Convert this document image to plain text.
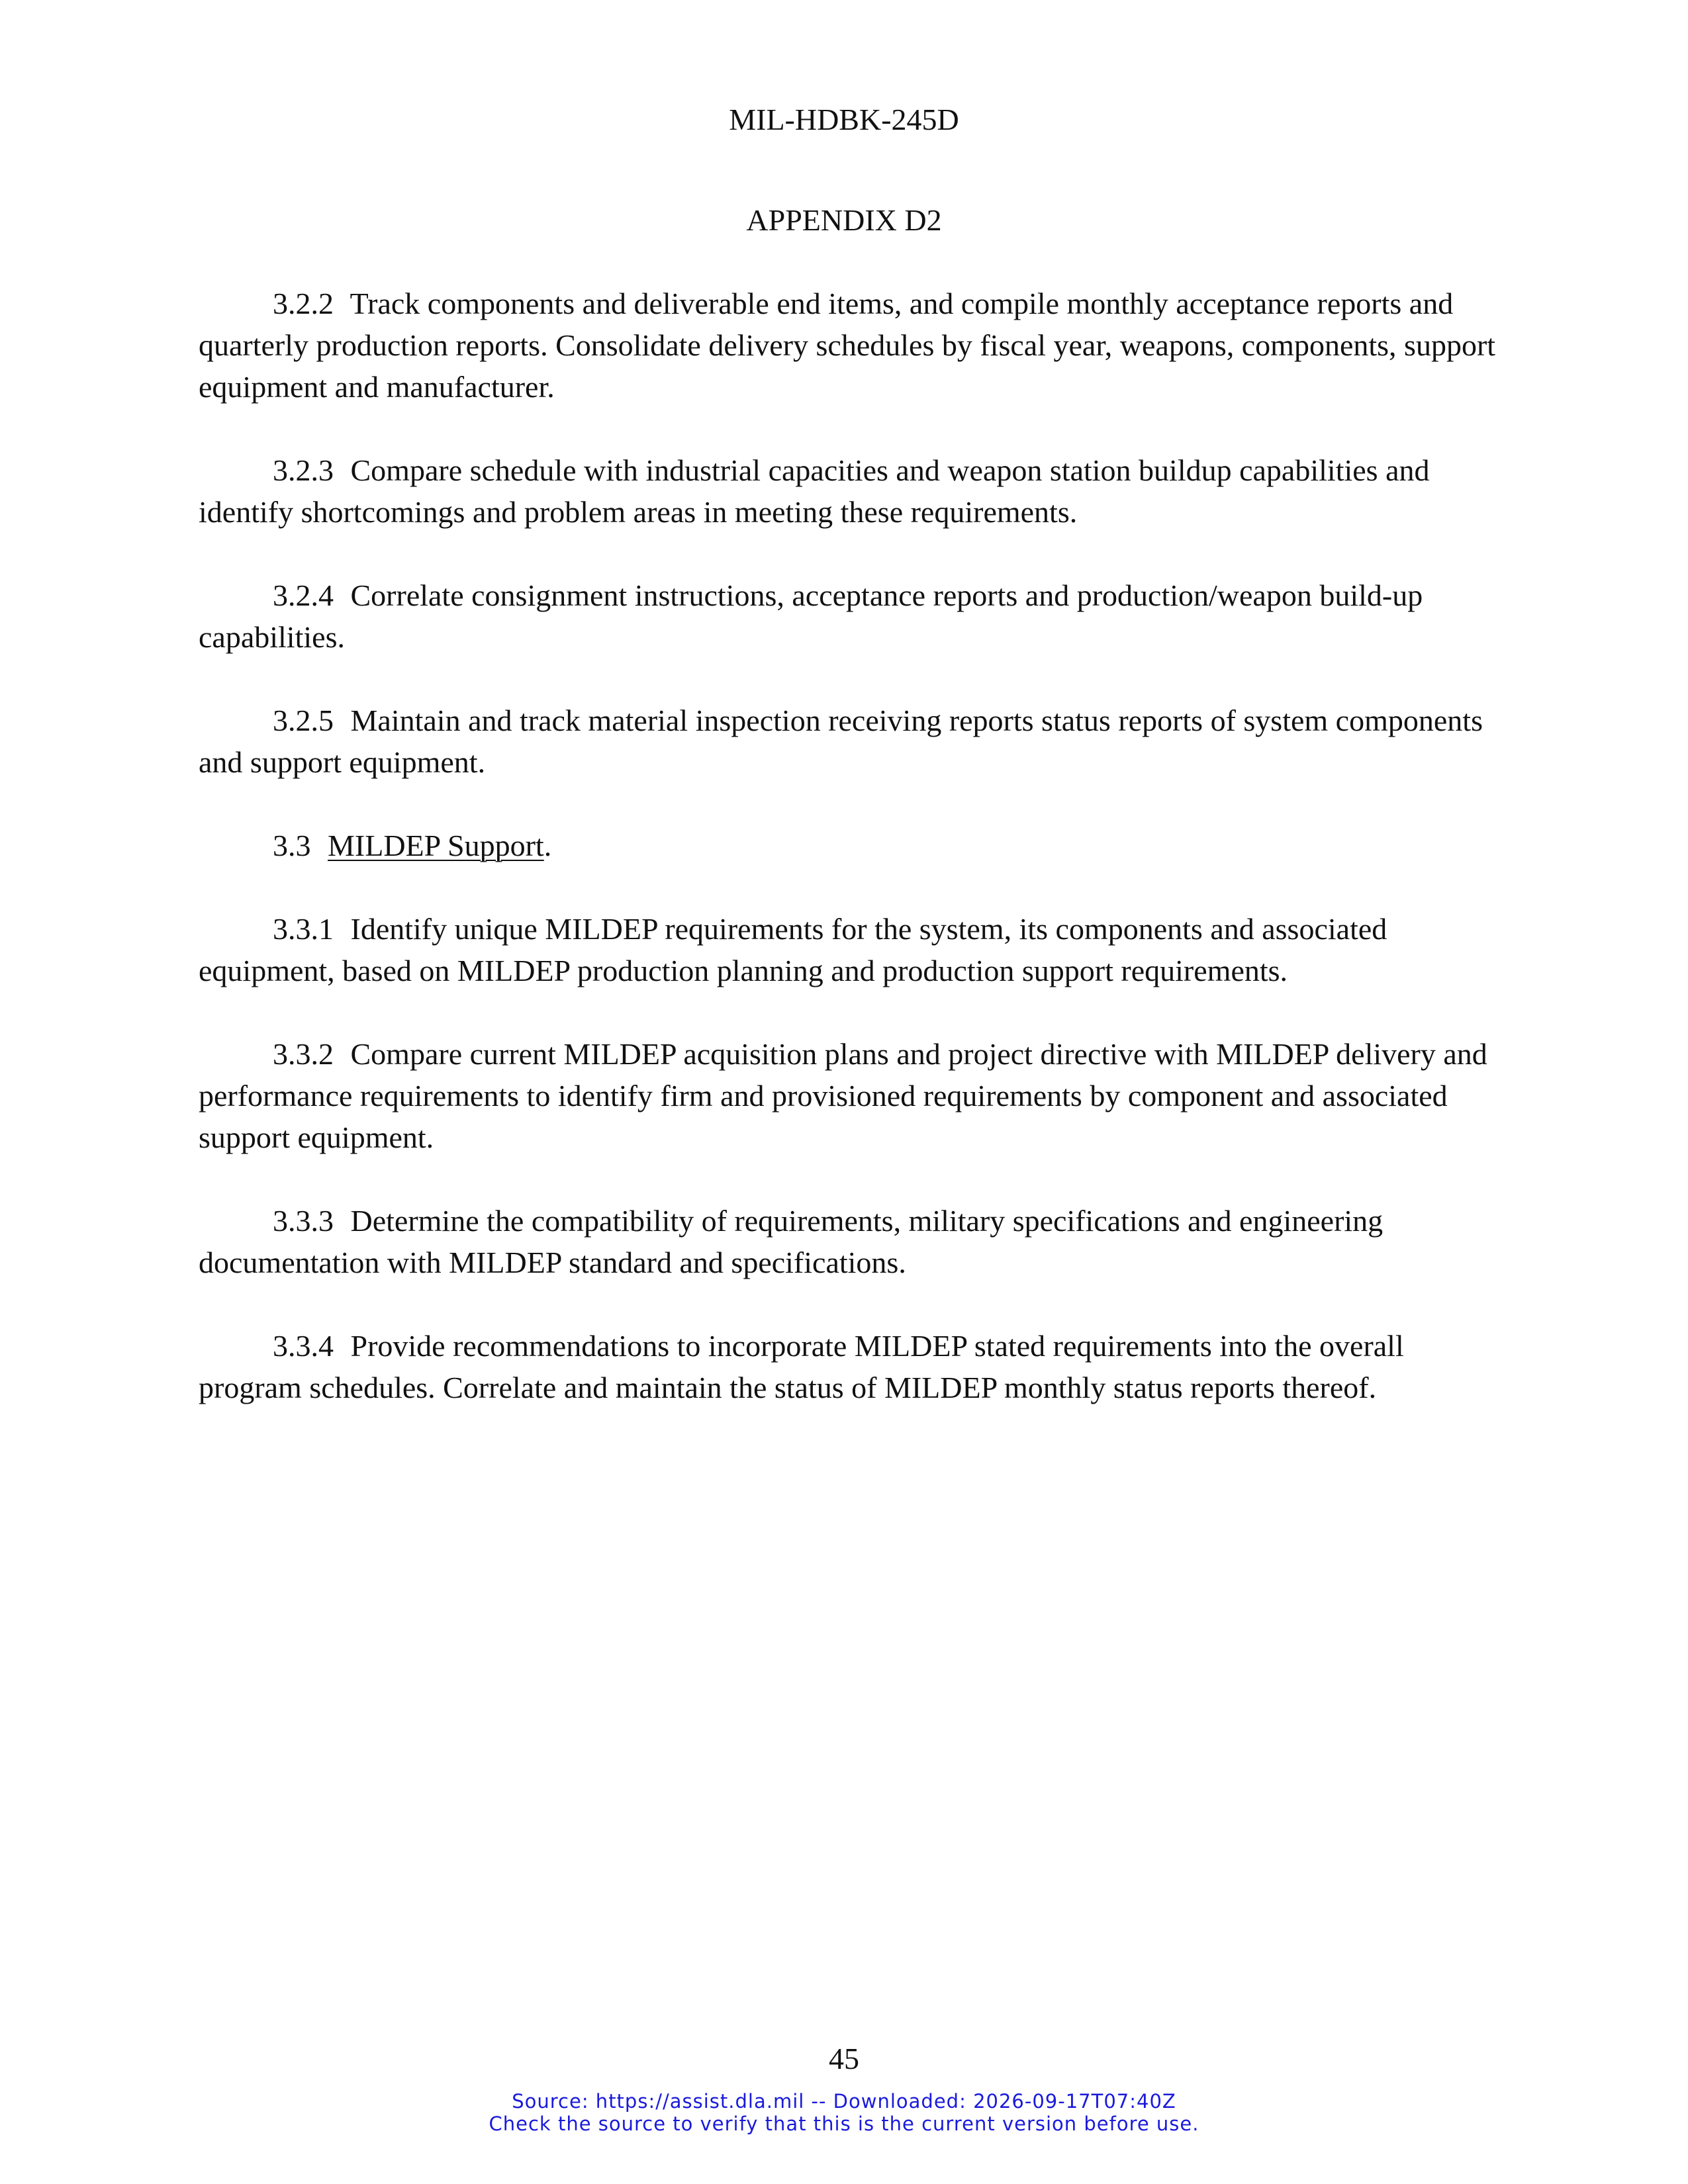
MIL-HDBK-245D
APPENDIX D2

3.2.2 Track components and deliverable end items, and compile monthly acceptance reports and quarterly production reports. Consolidate delivery schedules by fiscal year, weapons, components, support equipment and manufacturer.

3.2.3 Compare schedule with industrial capacities and weapon station buildup capabilities and identify shortcomings and problem areas in meeting these requirements.

3.2.4 Correlate consignment instructions, acceptance reports and production/weapon build-up capabilities.

3.2.5 Maintain and track material inspection receiving reports status reports of system components and support equipment.

3.3 MILDEP Support.

3.3.1 Identify unique MILDEP requirements for the system, its components and associated equipment, based on MILDEP production planning and production support requirements.

3.3.2 Compare current MILDEP acquisition plans and project directive with MILDEP delivery and performance requirements to identify firm and provisioned requirements by component and associated support equipment.

3.3.3 Determine the compatibility of requirements, military specifications and engineering documentation with MILDEP standard and specifications.

3.3.4 Provide recommendations to incorporate MILDEP stated requirements into the overall program schedules. Correlate and maintain the status of MILDEP monthly status reports thereof.

45
Source: https://assist.dla.mil -- Downloaded: 2026-09-17T07:40Z
Check the source to verify that this is the current version before use.
